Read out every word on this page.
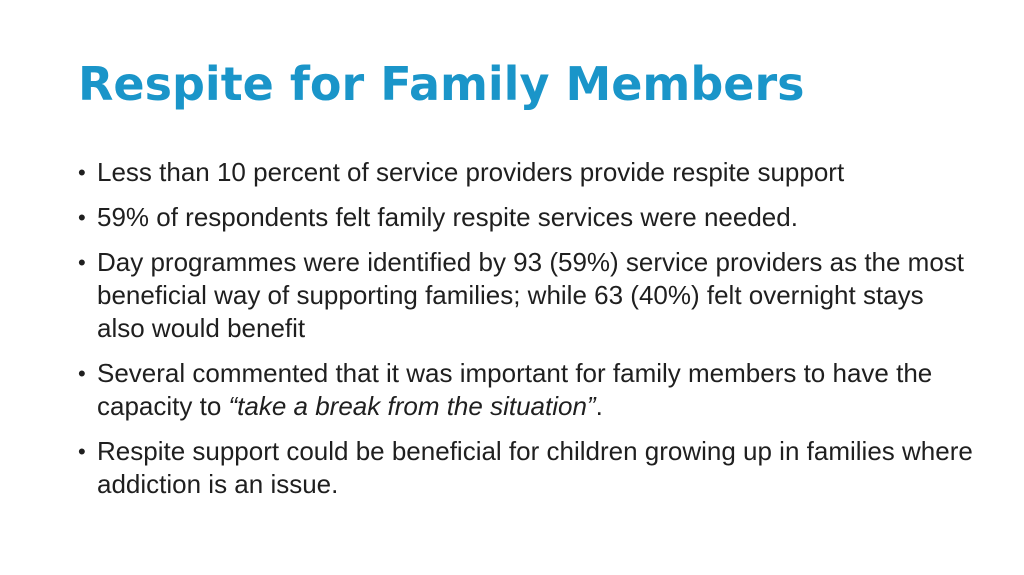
Respite for Family Members
• Less than 10 percent of service providers provide respite support
• 59% of respondents felt family respite services were needed.
• Day programmes were identified by 93 (59%) service providers as the most beneficial way of supporting families; while 63 (40%) felt overnight stays also would benefit
• Several commented that it was important for family members to have the capacity to “take a break from the situation”.
• Respite support could be beneficial for children growing up in families where addiction is an issue.
